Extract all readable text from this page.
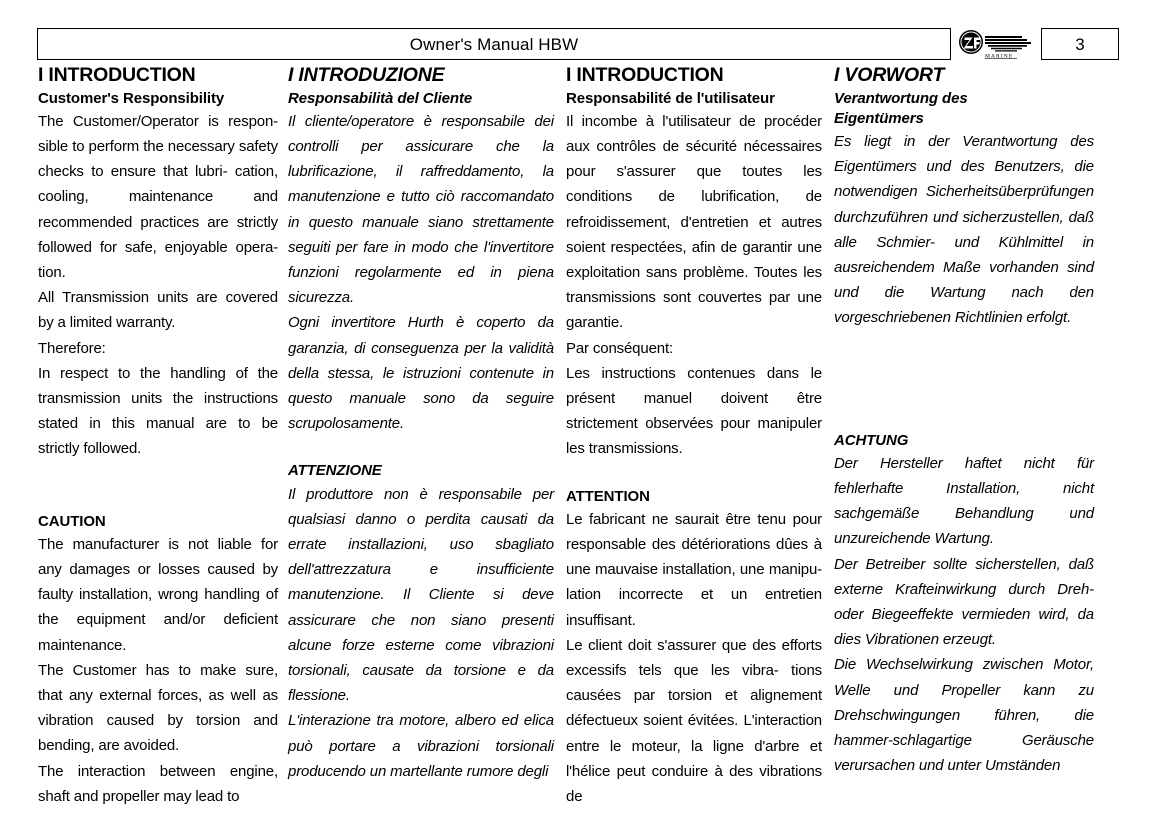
Owner's Manual HBW
MARINE
3
I INTRODUCTION
Customer's Responsibility

The Customer/Operator is respon- sible to perform the necessary safety checks to ensure that lubri- cation, cooling, maintenance and recommended practices are strictly followed for safe, enjoyable opera- tion.

All Transmission units are covered by a limited warranty.

Therefore:

In respect to the handling of the transmission units the instructions stated in this manual are to be strictly followed.

CAUTION

The manufacturer is not liable for any damages or losses caused by faulty installation, wrong handling of the equipment and/or deficient maintenance.

The Customer has to make sure, that any external forces, as well as vibration caused by torsion and bending, are avoided.

The interaction between engine, shaft and propeller may lead to

I INTRODUZIONE
Responsabilità del Cliente

Il cliente/operatore è responsabile dei controlli per assicurare che la lubrificazione, il raffreddamento, la manutenzione e tutto ciò raccomandato in questo manuale siano strettamente seguiti per fare in modo che l'invertitore funzioni regolarmente ed in piena sicurezza.

Ogni invertitore Hurth è coperto da garanzia, di conseguenza per la validità della stessa, le istruzioni contenute in questo manuale sono da seguire scrupolosamente.

ATTENZIONE

Il produttore non è responsabile per qualsiasi danno o perdita causati da errate installazioni, uso sbagliato dell'attrezzatura e insufficiente manutenzione. Il Cliente si deve assicurare che non siano presenti alcune forze esterne come vibrazioni torsionali, causate da torsione e da flessione.

L'interazione tra motore, albero ed elica può portare a vibrazioni torsionali producendo un martellante rumore degli

I INTRODUCTION
Responsabilité de l'utilisateur

Il incombe à l'utilisateur de procéder aux contrôles de sécurité nécessaires pour s'assurer que toutes les conditions de lubrification, de refroidissement, d'entretien et autres soient respectées, afin de garantir une exploitation sans problème. Toutes les transmissions sont couvertes par une garantie.

Par conséquent:

Les instructions contenues dans le présent manuel doivent être strictement observées pour manipuler les transmissions.

ATTENTION

Le fabricant ne saurait être tenu pour responsable des détériorations dûes à une mauvaise installation, une manipu- lation incorrecte et un entretien insuffisant.

Le client doit s'assurer que des efforts excessifs tels que les vibra- tions causées par torsion et alignement défectueux soient évitées. L'interaction entre le moteur, la ligne d'arbre et l'hélice peut conduire à des vibrations de

I VORWORT
Verantwortung des
Eigentümers

Es liegt in der Verantwortung des Eigentümers und des Benutzers, die notwendigen Sicherheitsüberprüfungen durchzuführen und sicherzustellen, daß alle Schmier- und Kühlmittel in ausreichendem Maße vorhanden sind und die Wartung nach den vorgeschriebenen Richtlinien erfolgt.

ACHTUNG

Der Hersteller haftet nicht für fehlerhafte Installation, nicht sachgemäße Behandlung und unzureichende Wartung.

Der Betreiber sollte sicherstellen, daß externe Krafteinwirkung durch Dreh- oder Biegeeffekte vermieden wird, da dies Vibrationen erzeugt.

Die Wechselwirkung zwischen Motor, Welle und Propeller kann zu Drehschwingungen führen, die hammer-schlagartige Geräusche verursachen und unter Umständen
